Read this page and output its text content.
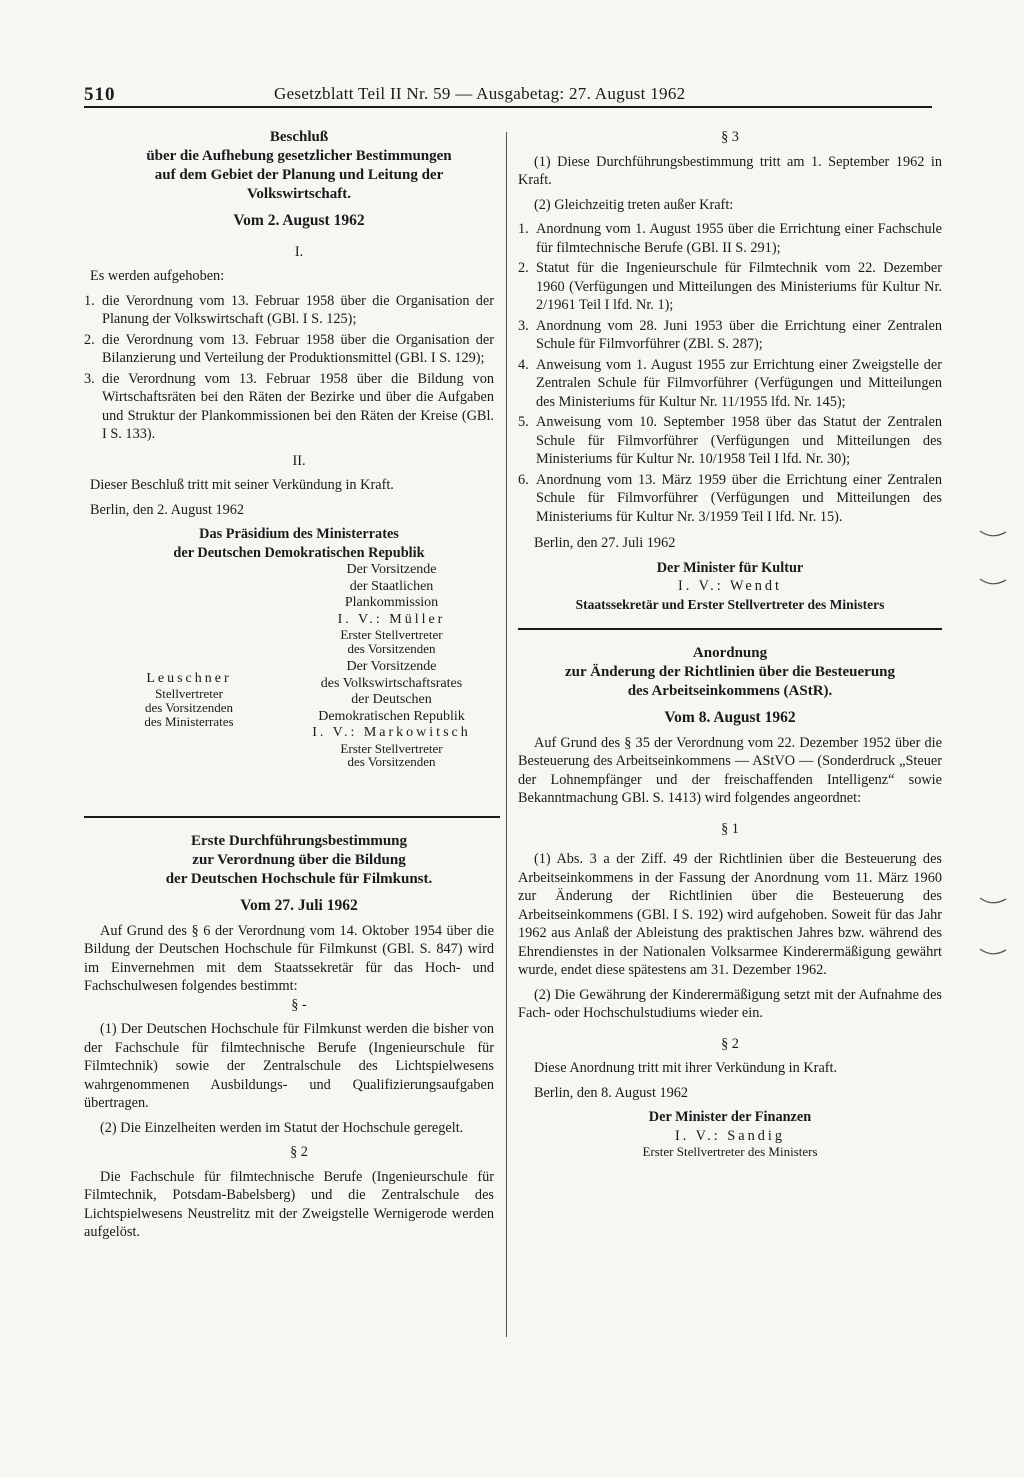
510	Gesetzblatt Teil II Nr. 59 — Ausgabetag: 27. August 1962

Beschluß

über die Aufhebung gesetzlicher Bestimmungen

auf dem Gebiet der Planung und Leitung der

Volkswirtschaft.

Vom 2. August 1962

I.

Es werden aufgehoben:

1. die Verordnung vom 13. Februar 1958 über die Organisation der Planung der Volkswirtschaft (GBl. I S. 125);
2. die Verordnung vom 13. Februar 1958 über die Organisation der Bilanzierung und Verteilung der Produktionsmittel (GBl. I S. 129);
3. die Verordnung vom 13. Februar 1958 über die Bildung von Wirtschaftsräten bei den Räten der Bezirke und über die Aufgaben und Struktur der Plankommissionen bei den Räten der Kreise (GBl. I S. 133).

II.

Dieser Beschluß tritt mit seiner Verkündung in Kraft.

Berlin, den 2. August 1962

Das Präsidium des Ministerrates

der Deutschen Demokratischen Republik

Der Vorsitzende

der Staatlichen

Plankommission

I. V.: Müller

Erster Stellvertreter

des Vorsitzenden

Der Vorsitzende

des Volkswirtschaftsrates

der Deutschen

Demokratischen Republik

I. V.: Markowitsch

Erster Stellvertreter

des Vorsitzenden

Leuschner

Stellvertreter

des Vorsitzenden

des Ministerrates

Erste Durchführungsbestimmung

zur Verordnung über die Bildung

der Deutschen Hochschule für Filmkunst.

Vom 27. Juli 1962

Auf Grund des § 6 der Verordnung vom 14. Oktober 1954 über die Bildung der Deutschen Hochschule für Filmkunst (GBl. S. 847) wird im Einvernehmen mit dem Staatssekretär für das Hoch- und Fachschulwesen folgendes bestimmt:

§ -

(1) Der Deutschen Hochschule für Filmkunst werden die bisher von der Fachschule für filmtechnische Berufe (Ingenieurschule für Filmtechnik) sowie der Zentralschule des Lichtspielwesens wahrgenommenen Ausbildungs- und Qualifizierungsaufgaben übertragen.

(2) Die Einzelheiten werden im Statut der Hochschule geregelt.

§ 2

Die Fachschule für filmtechnische Berufe (Ingenieurschule für Filmtechnik, Potsdam-Babelsberg) und die Zentralschule des Lichtspielwesens Neustrelitz mit der Zweigstelle Wernigerode werden aufgelöst.

§ 3

(1) Diese Durchführungsbestimmung tritt am 1. September 1962 in Kraft.

(2) Gleichzeitig treten außer Kraft:

1. Anordnung vom 1. August 1955 über die Errichtung einer Fachschule für filmtechnische Berufe (GBl. II S. 291);
2. Statut für die Ingenieurschule für Filmtechnik vom 22. Dezember 1960 (Verfügungen und Mitteilungen des Ministeriums für Kultur Nr. 2/1961 Teil I lfd. Nr. 1);
3. Anordnung vom 28. Juni 1953 über die Errichtung einer Zentralen Schule für Filmvorführer (ZBl. S. 287);
4. Anweisung vom 1. August 1955 zur Errichtung einer Zweigstelle der Zentralen Schule für Filmvorführer (Verfügungen und Mitteilungen des Ministeriums für Kultur Nr. 11/1955 lfd. Nr. 145);
5. Anweisung vom 10. September 1958 über das Statut der Zentralen Schule für Filmvorführer (Verfügungen und Mitteilungen des Ministeriums für Kultur Nr. 10/1958 Teil I lfd. Nr. 30);
6. Anordnung vom 13. März 1959 über die Errichtung einer Zentralen Schule für Filmvorführer (Verfügungen und Mitteilungen des Ministeriums für Kultur Nr. 3/1959 Teil I lfd. Nr. 15).

Berlin, den 27. Juli 1962

Der Minister für Kultur

I. V.: Wendt

Staatssekretär und Erster Stellvertreter des Ministers

Anordnung

zur Änderung der Richtlinien über die Besteuerung

des Arbeitseinkommens (AStR).

Vom 8. August 1962

Auf Grund des § 35 der Verordnung vom 22. Dezember 1952 über die Besteuerung des Arbeitseinkommens — AStVO — (Sonderdruck „Steuer der Lohnempfänger und der freischaffenden Intelligenz“ sowie Bekanntmachung GBl. S. 1413) wird folgendes angeordnet:

§ 1

(1) Abs. 3 a der Ziff. 49 der Richtlinien über die Besteuerung des Arbeitseinkommens in der Fassung der Anordnung vom 11. März 1960 zur Änderung der Richtlinien über die Besteuerung des Arbeitseinkommens (GBl. I S. 192) wird aufgehoben. Soweit für das Jahr 1962 aus Anlaß der Ableistung des praktischen Jahres bzw. während des Ehrendienstes in der Nationalen Volksarmee Kinderermäßigung gewährt wurde, endet diese spätestens am 31. Dezember 1962.

(2) Die Gewährung der Kinderermäßigung setzt mit der Aufnahme des Fach- oder Hochschulstudiums wieder ein.

§ 2

Diese Anordnung tritt mit ihrer Verkündung in Kraft.

Berlin, den 8. August 1962

Der Minister der Finanzen

I. V.: Sandig

Erster Stellvertreter des Ministers
